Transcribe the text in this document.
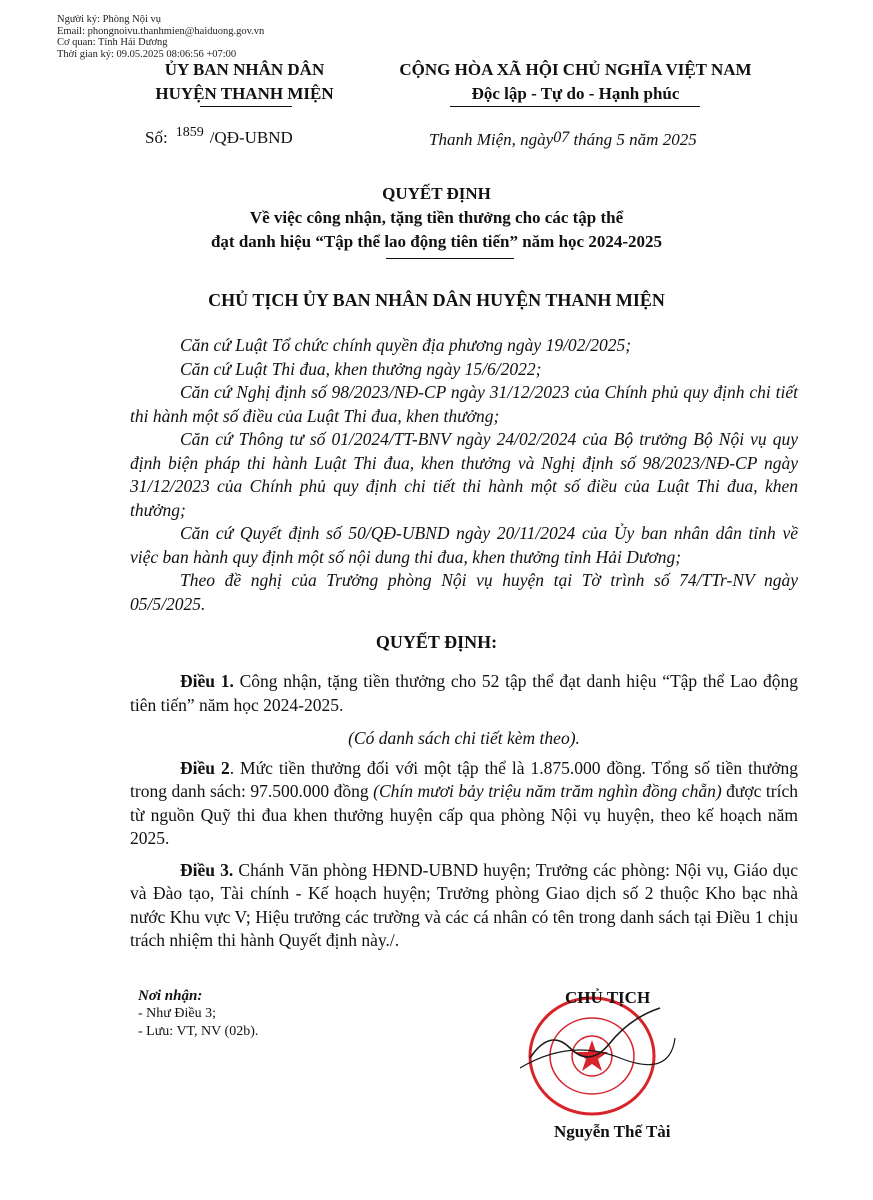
Người ký: Phòng Nội vụ
Email: phongnoivu.thanhmien@haiduong.gov.vn
Cơ quan: Tỉnh Hải Dương
Thời gian ký: 09.05.2025 08:06:56 +07:00
ỦY BAN NHÂN DÂN
HUYỆN THANH MIỆN
CỘNG HÒA XÃ HỘI CHỦ NGHĨA VIỆT NAM
Độc lập - Tự do - Hạnh phúc
Số: $^{1859}$ /QĐ-UBND	Thanh Miện, ngày07 tháng 5 năm 2025
QUYẾT ĐỊNH
Về việc công nhận, tặng tiền thưởng cho các tập thể
đạt danh hiệu “Tập thể lao động tiên tiến” năm học 2024-2025
CHỦ TỊCH ỦY BAN NHÂN DÂN HUYỆN THANH MIỆN
Căn cứ Luật Tổ chức chính quyền địa phương ngày 19/02/2025;
Căn cứ Luật Thi đua, khen thưởng ngày 15/6/2022;
Căn cứ Nghị định số 98/2023/NĐ-CP ngày 31/12/2023 của Chính phủ quy định chi tiết thi hành một số điều của Luật Thi đua, khen thưởng;
Căn cứ Thông tư số 01/2024/TT-BNV ngày 24/02/2024 của Bộ trưởng Bộ Nội vụ quy định biện pháp thi hành Luật Thi đua, khen thưởng và Nghị định số 98/2023/NĐ-CP ngày 31/12/2023 của Chính phủ quy định chi tiết thi hành một số điều của Luật Thi đua, khen thưởng;
Căn cứ Quyết định số 50/QĐ-UBND ngày 20/11/2024 của Ủy ban nhân dân tỉnh về việc ban hành quy định một số nội dung thi đua, khen thưởng tỉnh Hải Dương;
Theo đề nghị của Trưởng phòng Nội vụ huyện tại Tờ trình số 74/TTr-NV ngày 05/5/2025.
QUYẾT ĐỊNH:
Điều 1. Công nhận, tặng tiền thưởng cho 52 tập thể đạt danh hiệu “Tập thể Lao động tiên tiến” năm học 2024-2025.
(Có danh sách chi tiết kèm theo).
Điều 2. Mức tiền thưởng đối với một tập thể là 1.875.000 đồng. Tổng số tiền thưởng trong danh sách: 97.500.000 đồng (Chín mươi bảy triệu năm trăm nghìn đồng chẵn) được trích từ nguồn Quỹ thi đua khen thưởng huyện cấp qua phòng Nội vụ huyện, theo kế hoạch năm 2025.
Điều 3. Chánh Văn phòng HĐND-UBND huyện; Trưởng các phòng: Nội vụ, Giáo dục và Đào tạo, Tài chính - Kế hoạch huyện; Trưởng phòng Giao dịch số 2 thuộc Kho bạc nhà nước Khu vực V; Hiệu trưởng các trường và các cá nhân có tên trong danh sách tại Điều 1 chịu trách nhiệm thi hành Quyết định này./.
Nơi nhận:
- Như Điều 3;
- Lưu: VT, NV (02b).
CHỦ TỊCH
Nguyễn Thế Tài
